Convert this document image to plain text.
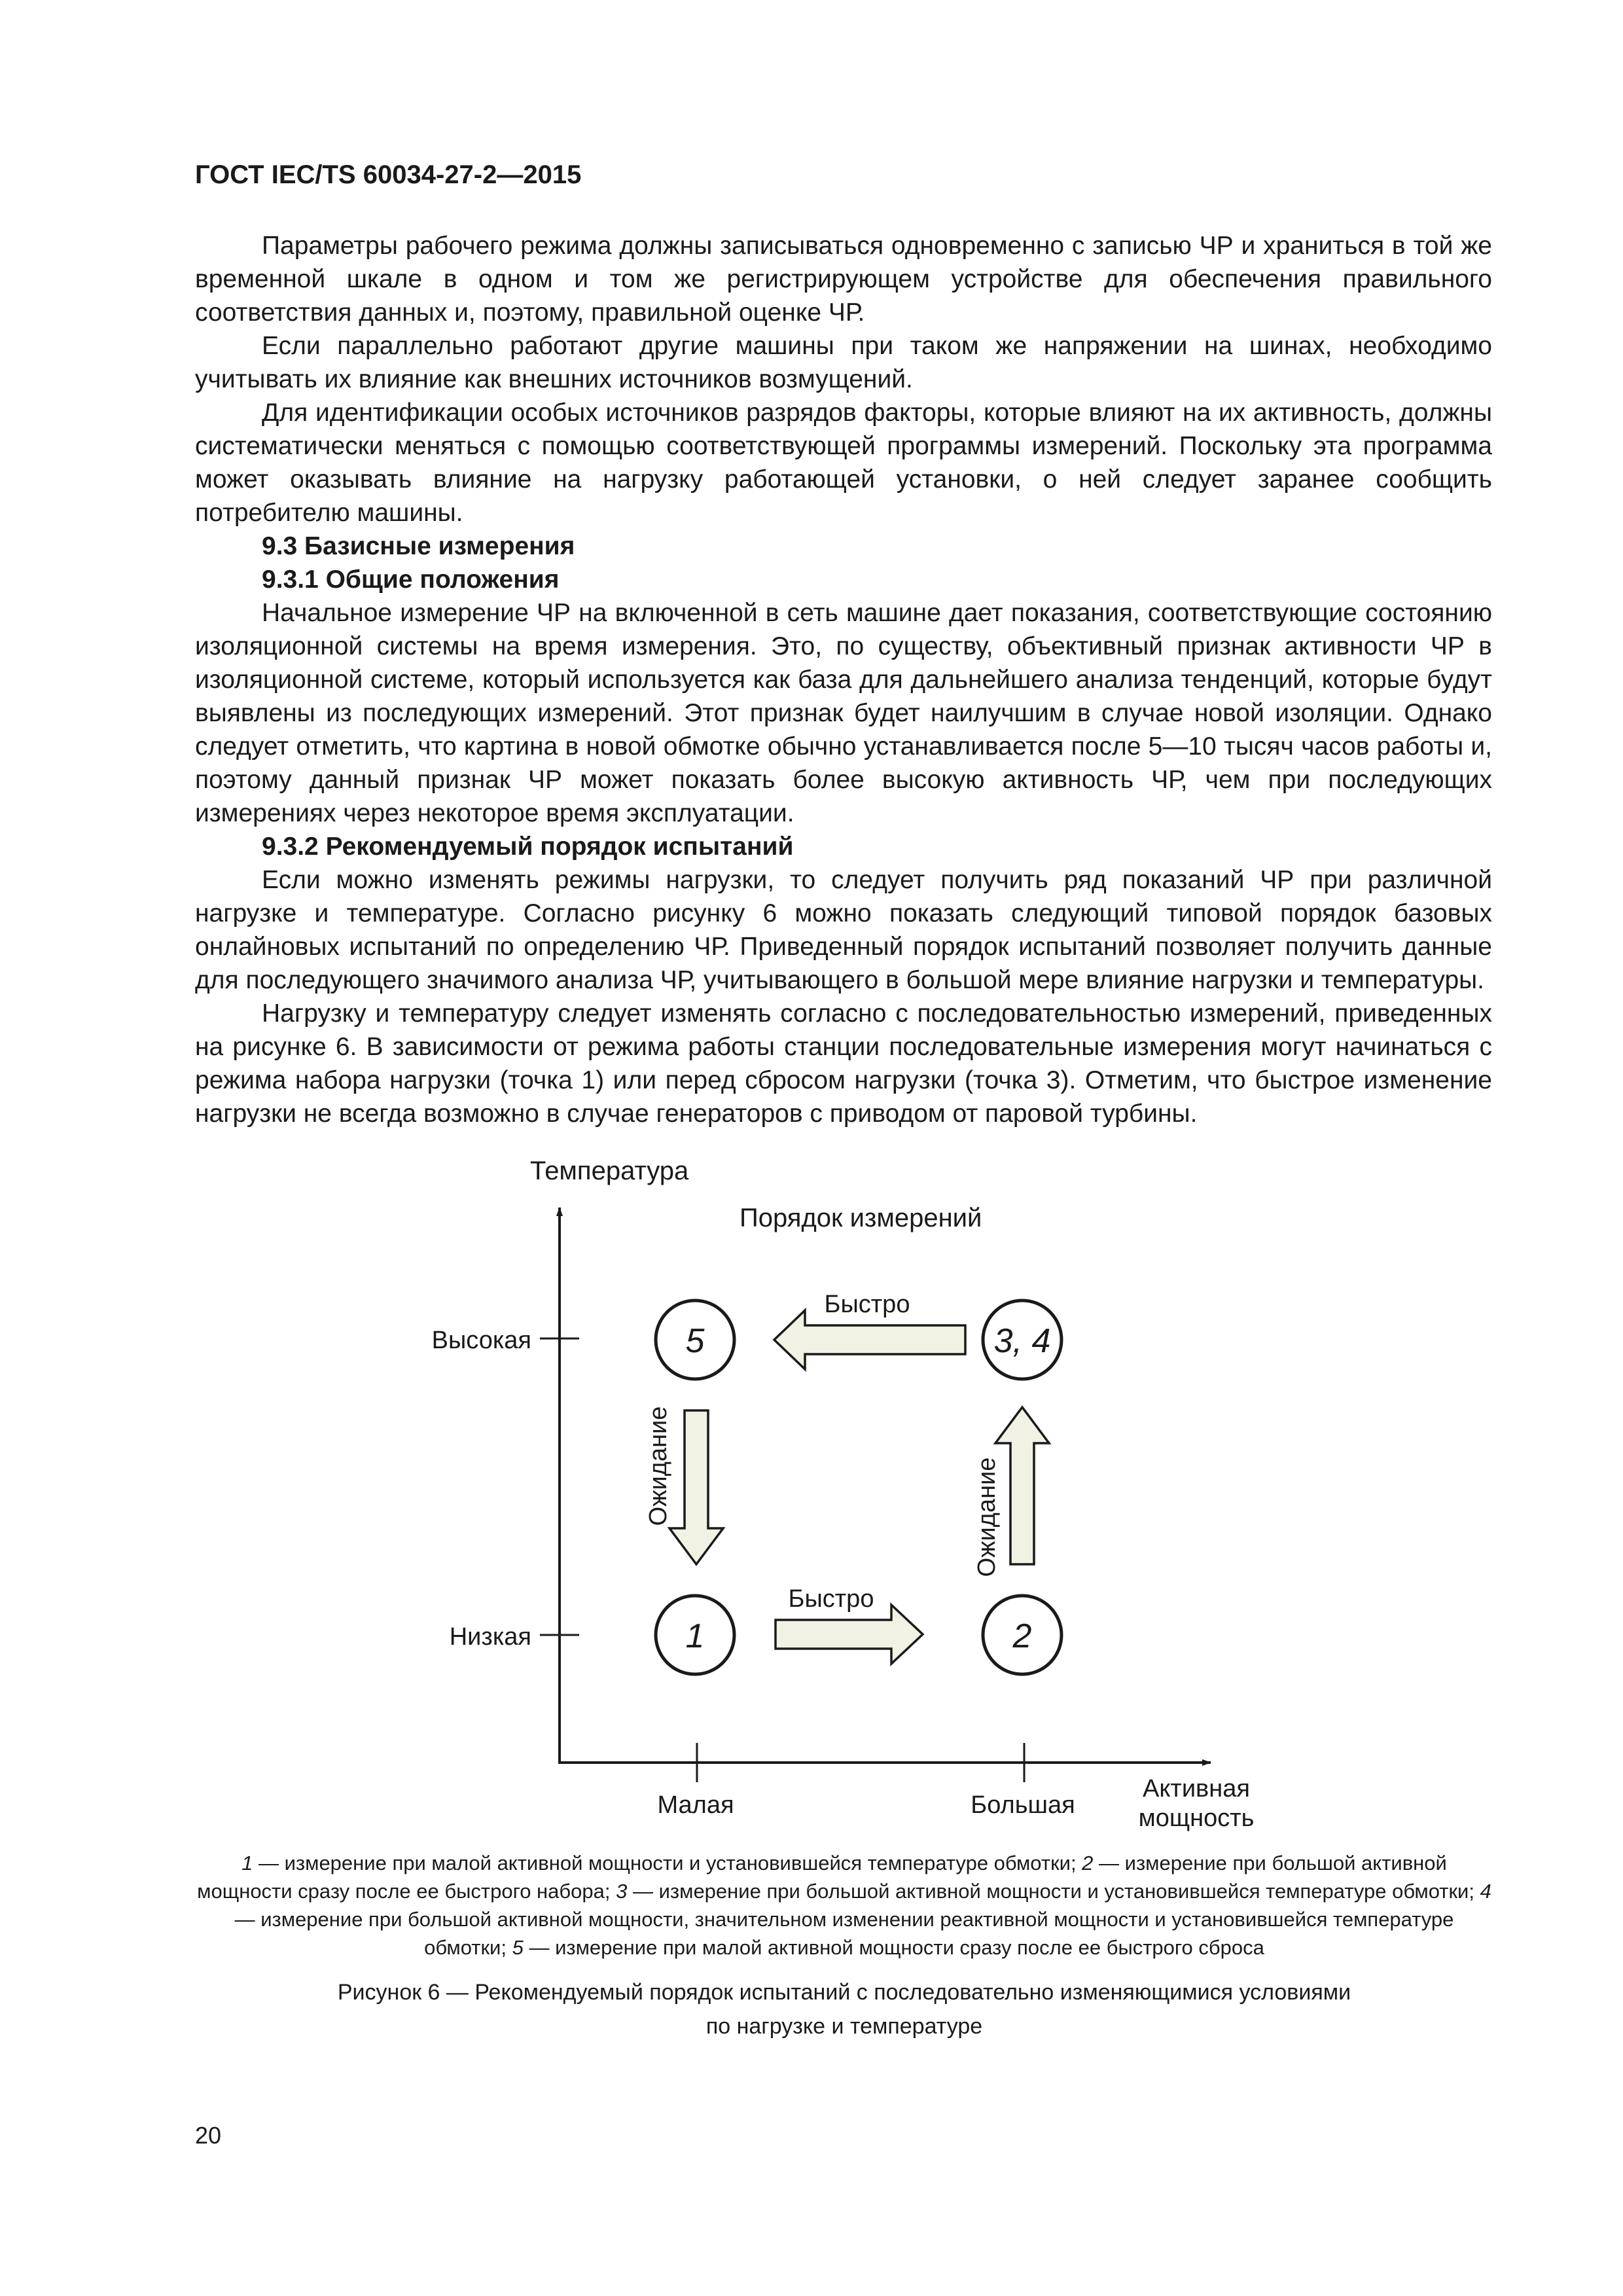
ГОСТ IEC/TS 60034-27-2—2015

Параметры рабочего режима должны записываться одновременно с записью ЧР и храниться в той же временной шкале в одном и том же регистрирующем устройстве для обеспечения правильного соответствия данных и, поэтому, правильной оценке ЧР.

Если параллельно работают другие машины при таком же напряжении на шинах, необходимо учитывать их влияние как внешних источников возмущений.

Для идентификации особых источников разрядов факторы, которые влияют на их активность, должны систематически меняться с помощью соответствующей программы измерений. Поскольку эта программа может оказывать влияние на нагрузку работающей установки, о ней следует заранее сообщить потребителю машины.

9.3 Базисные измерения
9.3.1 Общие положения

Начальное измерение ЧР на включенной в сеть машине дает показания, соответствующие состоянию изоляционной системы на время измерения. Это, по существу, объективный признак активности ЧР в изоляционной системе, который используется как база для дальнейшего анализа тенденций, которые будут выявлены из последующих измерений. Этот признак будет наилучшим в случае новой изоляции. Однако следует отметить, что картина в новой обмотке обычно устанавливается после 5—10 тысяч часов работы и, поэтому данный признак ЧР может показать более высокую активность ЧР, чем при последующих измерениях через некоторое время эксплуатации.

9.3.2 Рекомендуемый порядок испытаний

Если можно изменять режимы нагрузки, то следует получить ряд показаний ЧР при различной нагрузке и температуре. Согласно рисунку 6 можно показать следующий типовой порядок базовых онлайновых испытаний по определению ЧР. Приведенный порядок испытаний позволяет получить данные для последующего значимого анализа ЧР, учитывающего в большой мере влияние нагрузки и температуры.

Нагрузку и температуру следует изменять согласно с последовательностью измерений, приведенных на рисунке 6. В зависимости от режима работы станции последовательные измерения могут начинаться с режима набора нагрузки (точка 1) или перед сбросом нагрузки (точка 3). Отметим, что быстрое изменение нагрузки не всегда возможно в случае генераторов с приводом от паровой турбины.

Температура
Порядок измерений
Высокая
Низкая
Малая	Большая
Активная
мощность
5	3, 4
1	2
Быстро
Быстро
Ожидание	Ожидание
1 — измерение при малой активной мощности и установившейся температуре обмотки; 2 — измерение при большой активной мощности сразу после ее быстрого набора; 3 — измерение при большой активной мощности и установившейся температуре обмотки; 4 — измерение при большой активной мощности, значительном изменении реактивной мощности и установившейся температуре обмотки; 5 — измерение при малой активной мощности сразу после ее быстрого сброса
Рисунок 6 — Рекомендуемый порядок испытаний с последовательно изменяющимися условиями
по нагрузке и температуре
20
